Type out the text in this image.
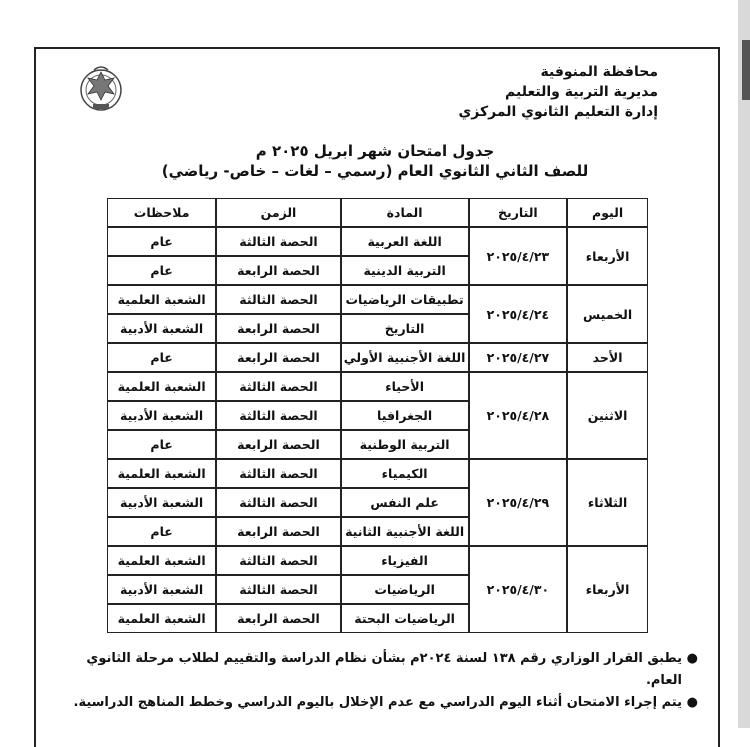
محافظة المنوفية
مديرية التربية والتعليم
إدارة التعليم الثانوي المركزي
جدول امتحان شهر ابريل ٢٠٢٥ م
للصف الثاني الثانوي العام (رسمي – لغات – خاص- رياضي)
اليوم	التاريخ	المادة	الزمن	ملاحظات
الأربعاء	٢٠٢٥/٤/٢٣	اللغة العربية	الحصة الثالثة	عام
		التربية الدينية	الحصة الرابعة	عام
الخميس	٢٠٢٥/٤/٢٤	تطبيقات الرياضيات	الحصة الثالثة	الشعبة العلمية
		التاريخ	الحصة الرابعة	الشعبة الأدبية
الأحد	٢٠٢٥/٤/٢٧	اللغة الأجنبية الأولي	الحصة الرابعة	عام
الاثنين	٢٠٢٥/٤/٢٨	الأحياء	الحصة الثالثة	الشعبة العلمية
		الجغرافيا	الحصة الثالثة	الشعبة الأدبية
		التربية الوطنية	الحصة الرابعة	عام
الثلاثاء	٢٠٢٥/٤/٢٩	الكيمياء	الحصة الثالثة	الشعبة العلمية
		علم النفس	الحصة الثالثة	الشعبة الأدبية
		اللغة الأجنبية الثانية	الحصة الرابعة	عام
الأربعاء	٢٠٢٥/٤/٣٠	الفيزياء	الحصة الثالثة	الشعبة العلمية
		الرياضيات	الحصة الثالثة	الشعبة الأدبية
		الرياضيات البحتة	الحصة الرابعة	الشعبة العلمية
●
يطبق القرار الوزاري رقم ١٣٨ لسنة ٢٠٢٤م بشأن نظام الدراسة والتقييم لطلاب مرحلة الثانوي العام.
●
يتم إجراء الامتحان أثناء اليوم الدراسي مع عدم الإخلال باليوم الدراسي وخطط المناهج الدراسية.
